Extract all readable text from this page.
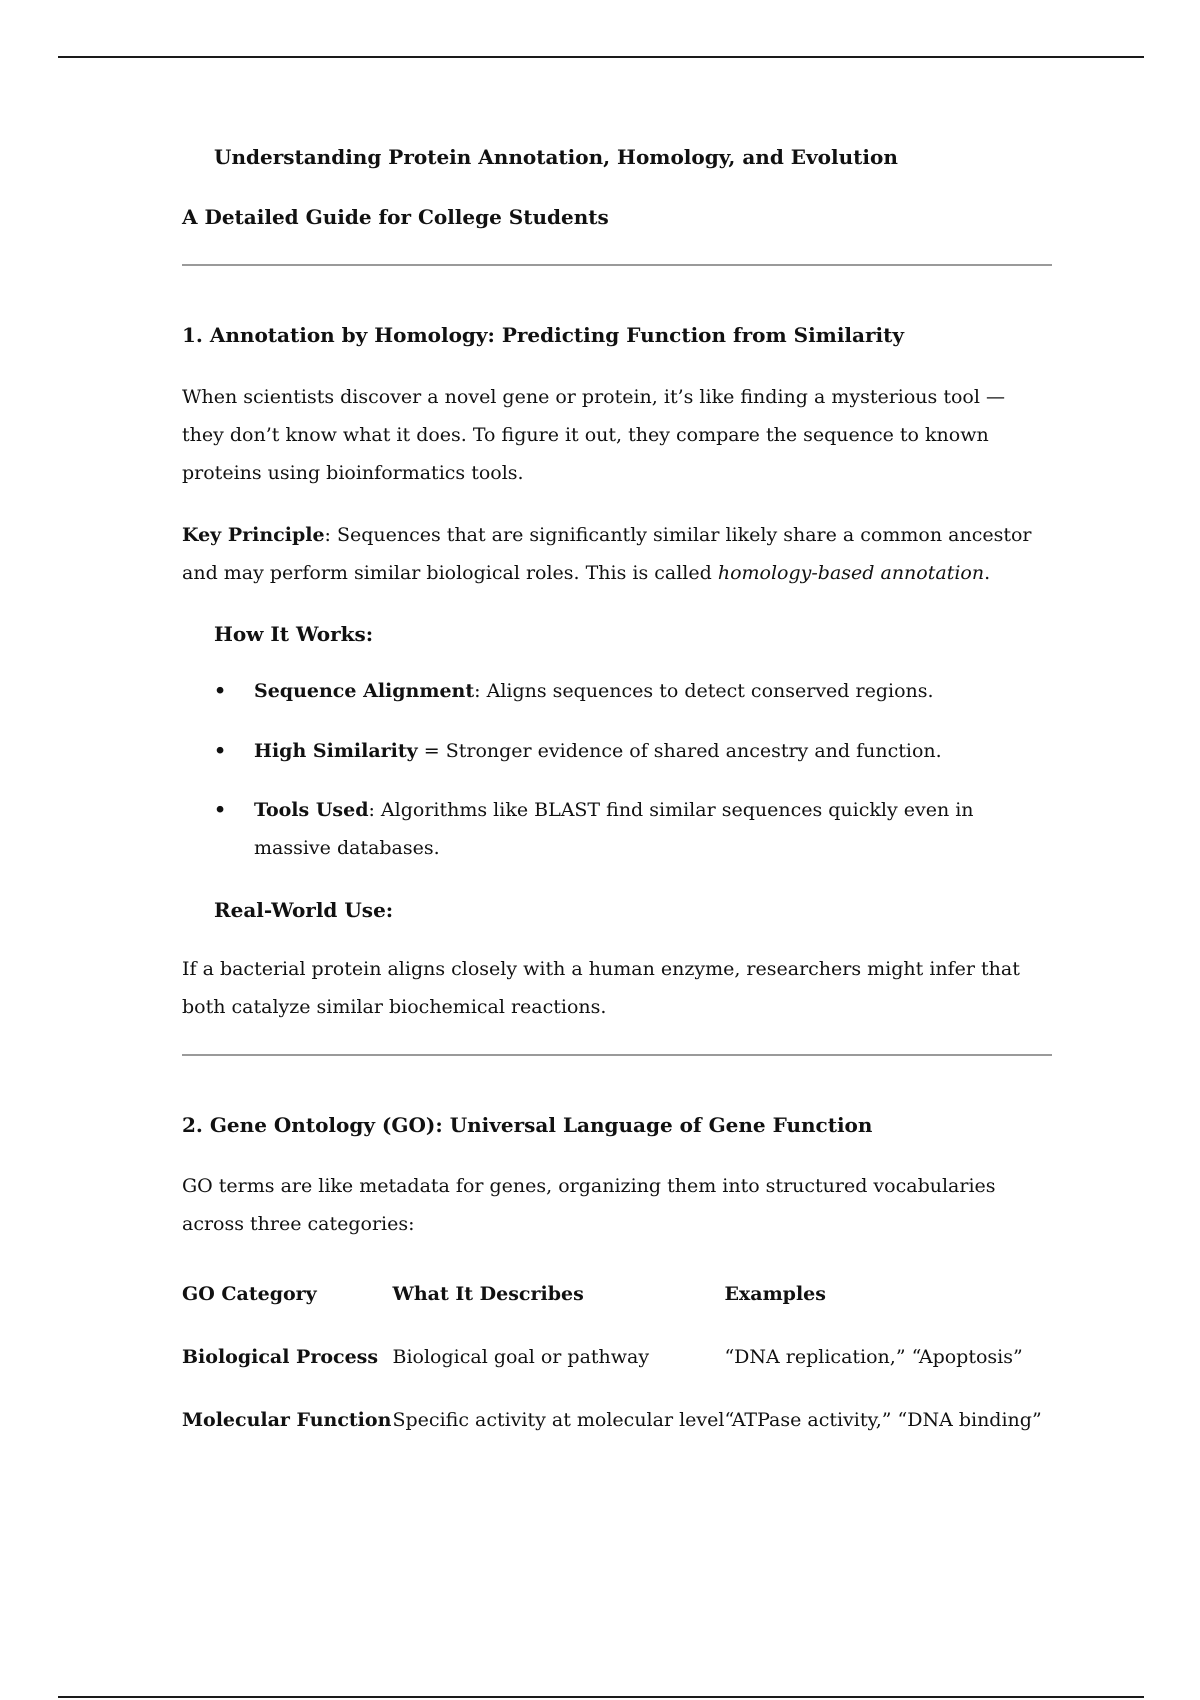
Understanding Protein Annotation, Homology, and Evolution
A Detailed Guide for College Students
1. Annotation by Homology: Predicting Function from Similarity
When scientists discover a novel gene or protein, it’s like finding a mysterious tool — they don’t know what it does. To figure it out, they compare the sequence to known proteins using bioinformatics tools.
Key Principle: Sequences that are significantly similar likely share a common ancestor and may perform similar biological roles. This is called homology-based annotation.
How It Works:
• Sequence Alignment: Aligns sequences to detect conserved regions.
• High Similarity = Stronger evidence of shared ancestry and function.
• Tools Used: Algorithms like BLAST find similar sequences quickly even in massive databases.
Real-World Use:
If a bacterial protein aligns closely with a human enzyme, researchers might infer that both catalyze similar biochemical reactions.
2. Gene Ontology (GO): Universal Language of Gene Function
GO terms are like metadata for genes, organizing them into structured vocabularies across three categories:
GO Category	What It Describes	Examples
Biological Process	Biological goal or pathway	“DNA replication,” “Apoptosis”
Molecular Function	Specific activity at molecular level	“ATPase activity,” “DNA binding”
